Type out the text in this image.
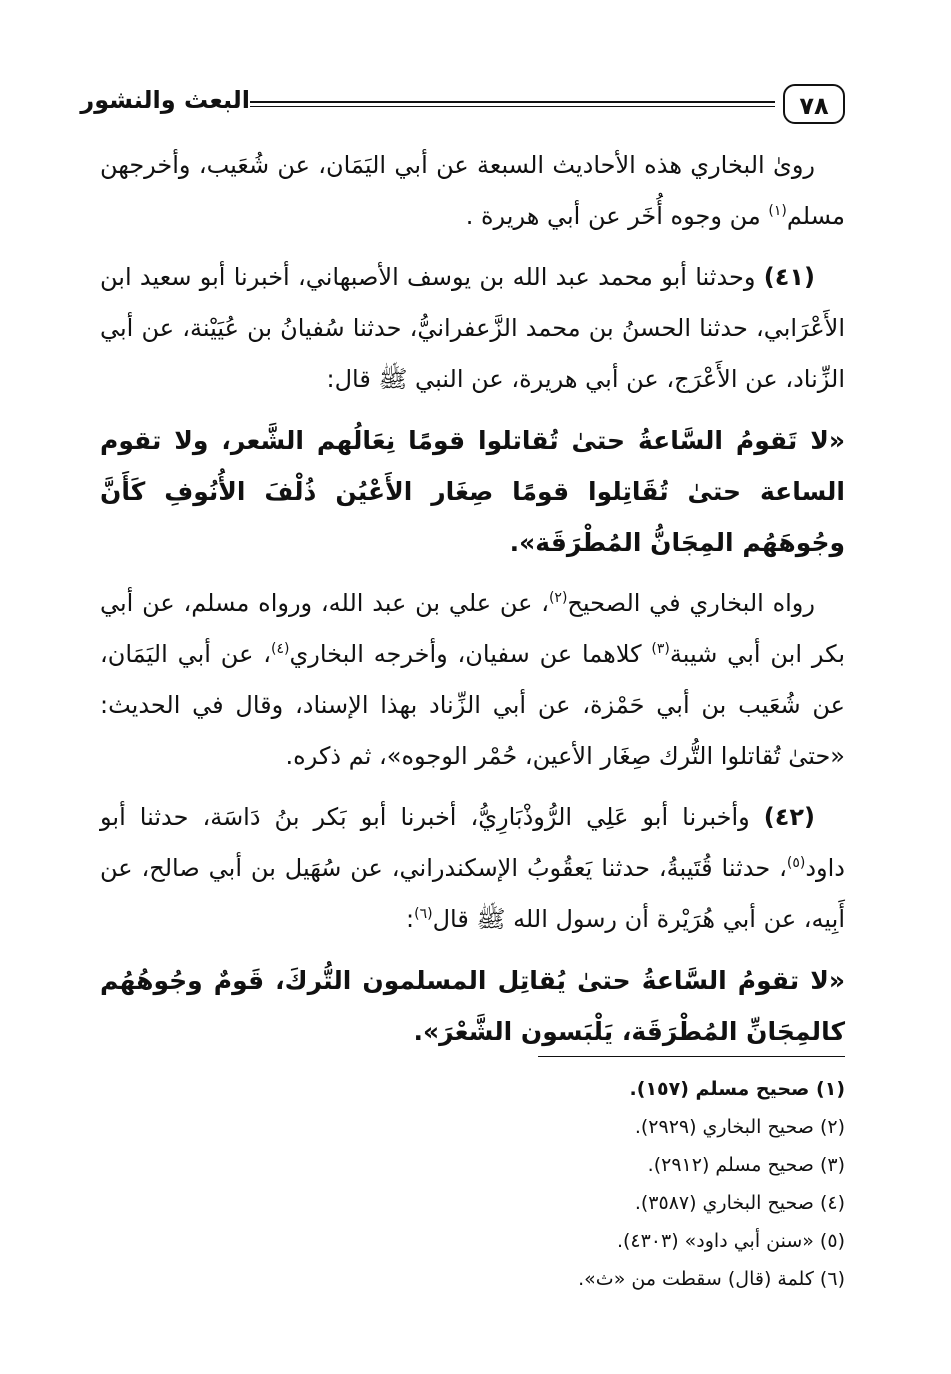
٧٨
البعث والنشور

روىٰ البخاري هذه الأحاديث السبعة عن أبي اليَمَان، عن شُعَيب، وأخرجهن مسلم$^{(١)}$ من وجوه أُخَر عن أبي هريرة .

(٤١) وحدثنا أبو محمد عبد الله بن يوسف الأصبهاني، أخبرنا أبو سعيد ابن الأَعْرَابي، حدثنا الحسنُ بن محمد الزَّعفرانيُّ، حدثنا سُفيانُ بن عُيَيْنة، عن أبي الزِّناد، عن الأَعْرَج، عن أبي هريرة، عن النبي ﷺ قال:

«لا تَقومُ السَّاعةُ حتىٰ تُقاتلوا قومًا نِعَالُهم الشَّعر، ولا تقوم الساعة حتىٰ تُقَاتِلوا قومًا صِغَار الأَعْيُن ذُلْفَ الأُنُوفِ كَأَنَّ وجُوهَهُم المِجَانُّ المُطْرَقَة».

رواه البخاري في الصحيح$^{(٢)}$، عن علي بن عبد الله، ورواه مسلم، عن أبي بكر ابن أبي شيبة$^{(٣)}$ كلاهما عن سفيان، وأخرجه البخاري$^{(٤)}$، عن أبي اليَمَان، عن شُعَيب بن أبي حَمْزة، عن أبي الزِّناد بهذا الإسناد، وقال في الحديث: «حتىٰ تُقاتلوا التُّرك صِغَار الأعين، حُمْر الوجوه»، ثم ذكره.

(٤٢) وأخبرنا أبو عَلِي الرُّوذْبَارِيُّ، أخبرنا أبو بَكر بنُ دَاسَة، حدثنا أبو داود$^{(٥)}$، حدثنا قُتَيبةُ، حدثنا يَعقُوبُ الإسكندراني، عن سُهَيل بن أبي صالح، عن أَبِيه، عن أبي هُرَيْرة أن رسول الله ﷺ قال$^{(٦)}$:

«لا تقومُ السَّاعةُ حتىٰ يُقاتِل المسلمون التُّركَ، قَومٌ وجُوهُهُم كالمِجَانِّ المُطْرَقَة، يَلْبَسون الشَّعْرَ».

(١) صحيح مسلم (١٥٧).
(٢) صحيح البخاري (٢٩٢٩).
(٣) صحيح مسلم (٢٩١٢).
(٤) صحيح البخاري (٣٥٨٧).
(٥) «سنن أبي داود» (٤٣٠٣).
(٦) كلمة (قال) سقطت من «ث».
